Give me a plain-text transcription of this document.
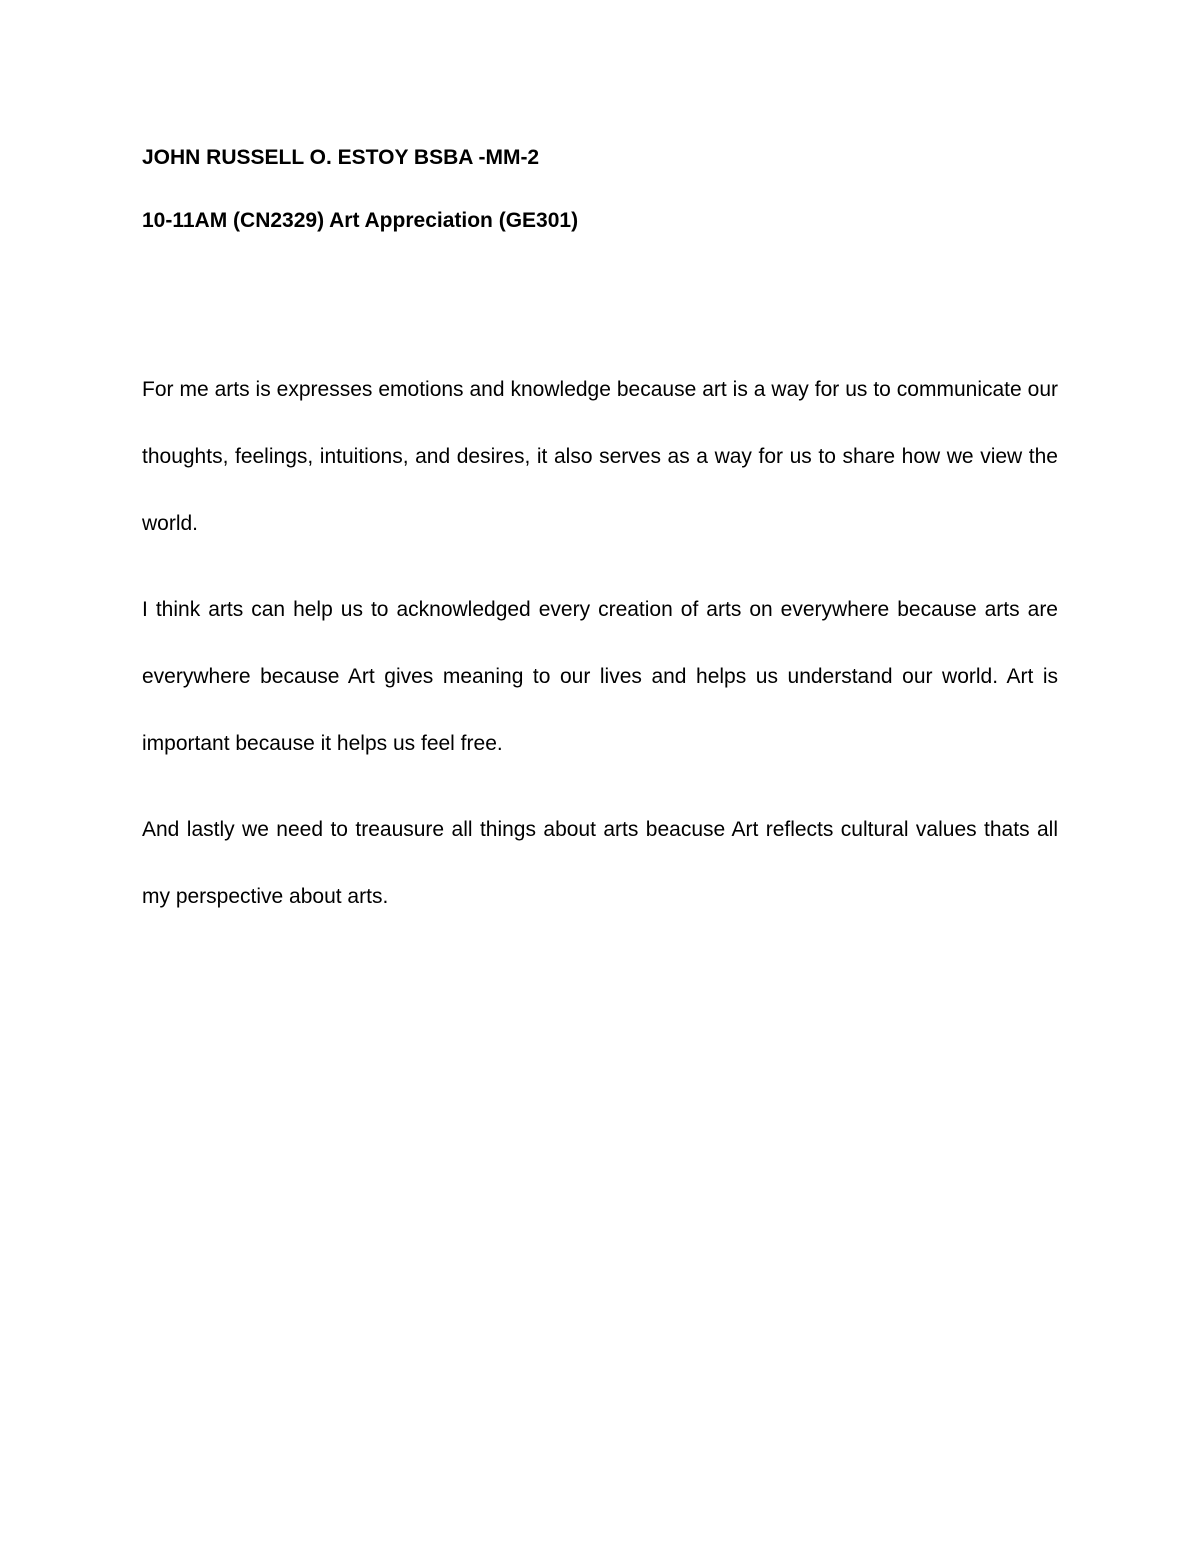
JOHN RUSSELL O. ESTOY BSBA -MM-2

10-11AM (CN2329) Art Appreciation (GE301)

For me arts is expresses emotions and knowledge because art is a way for us to communicate our thoughts, feelings, intuitions, and desires, it also serves as a way for us to share how we view the world.

I think arts can help us to acknowledged every creation of arts on everywhere because arts are everywhere because Art gives meaning to our lives and helps us understand our world. Art is important because it helps us feel free.

And lastly we need to treausure all things about arts beacuse Art reflects cultural values thats all my perspective about arts.
